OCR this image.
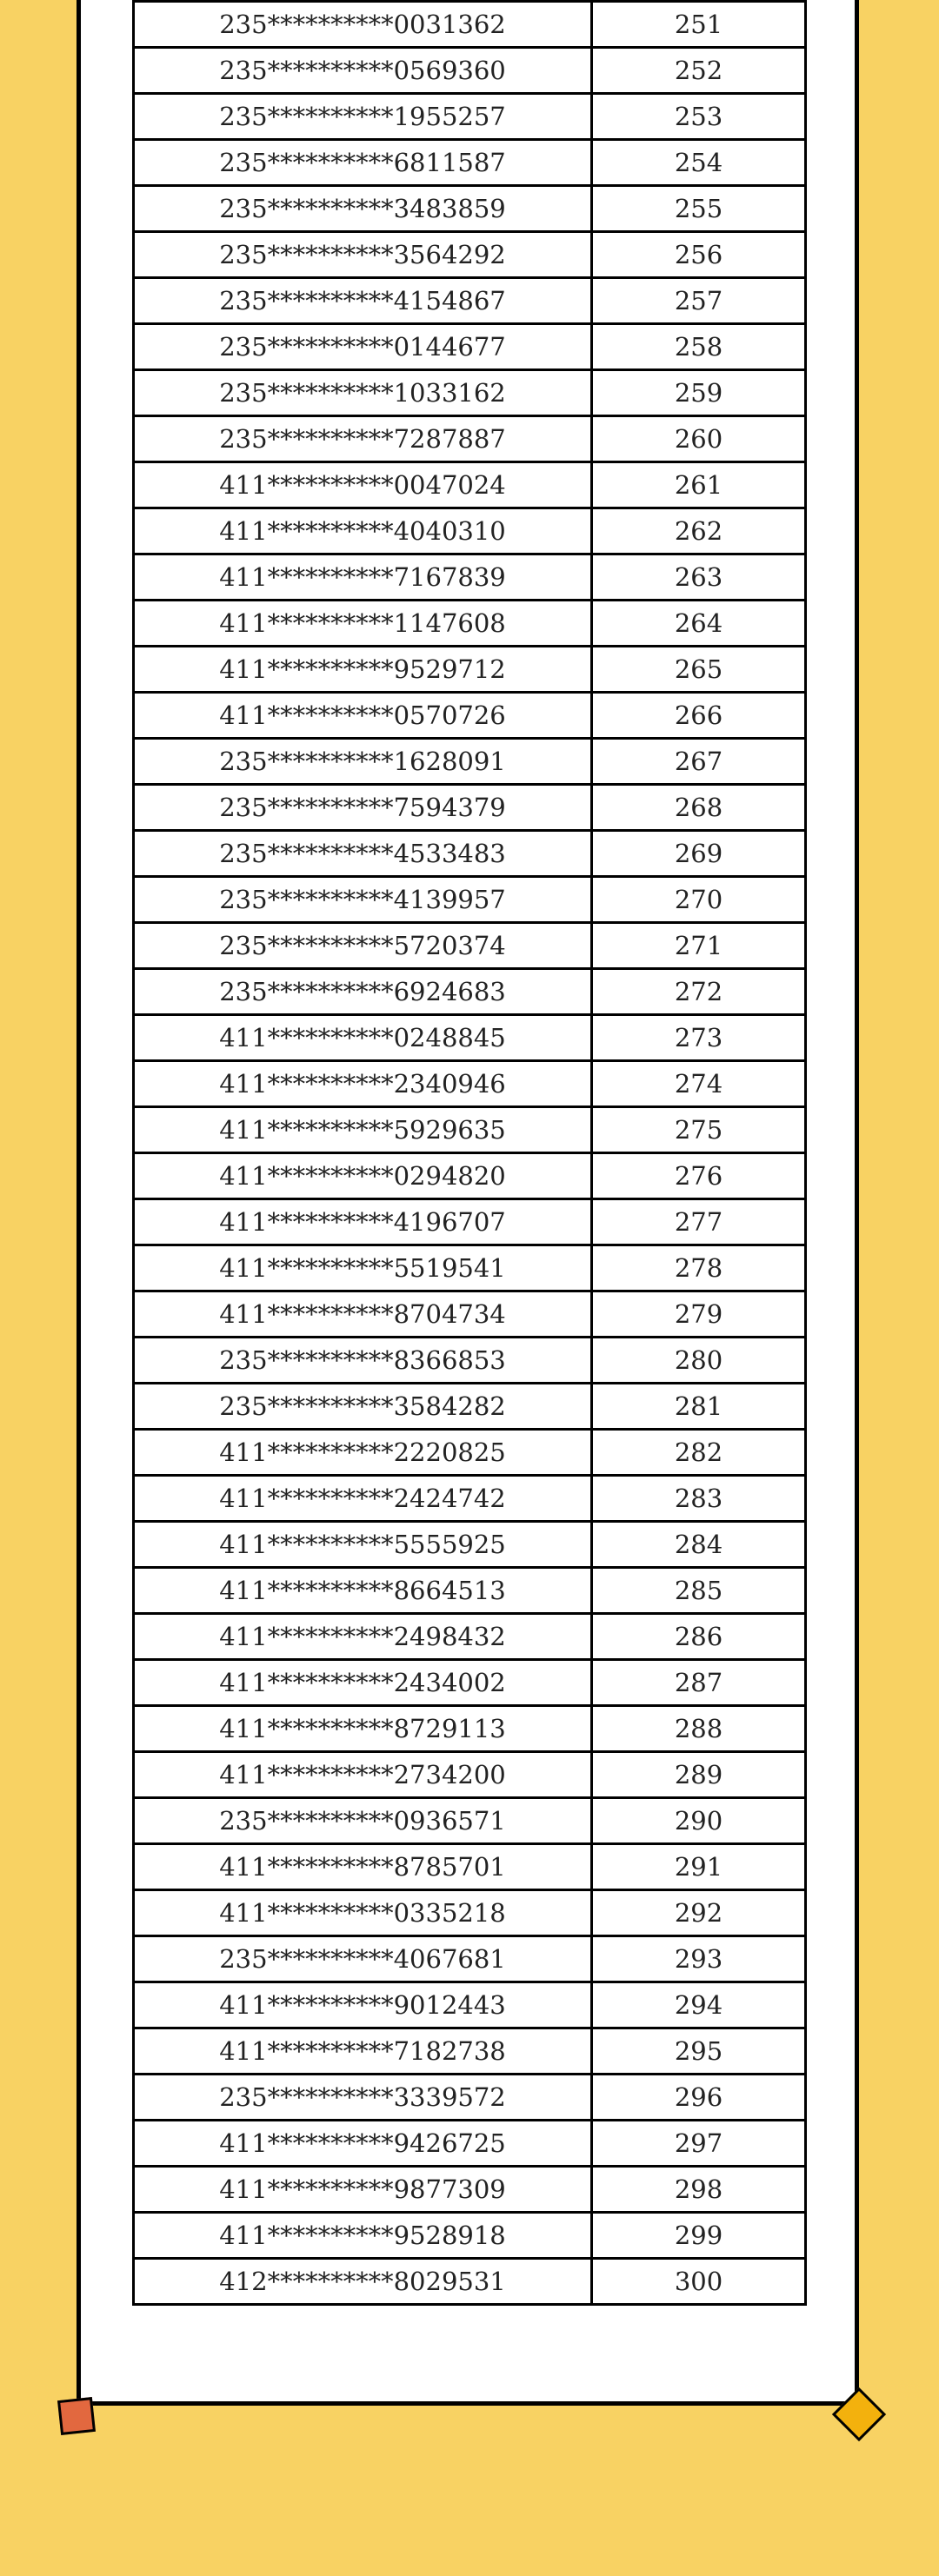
235**********0031362	251
235**********0569360	252
235**********1955257	253
235**********6811587	254
235**********3483859	255
235**********3564292	256
235**********4154867	257
235**********0144677	258
235**********1033162	259
235**********7287887	260
411**********0047024	261
411**********4040310	262
411**********7167839	263
411**********1147608	264
411**********9529712	265
411**********0570726	266
235**********1628091	267
235**********7594379	268
235**********4533483	269
235**********4139957	270
235**********5720374	271
235**********6924683	272
411**********0248845	273
411**********2340946	274
411**********5929635	275
411**********0294820	276
411**********4196707	277
411**********5519541	278
411**********8704734	279
235**********8366853	280
235**********3584282	281
411**********2220825	282
411**********2424742	283
411**********5555925	284
411**********8664513	285
411**********2498432	286
411**********2434002	287
411**********8729113	288
411**********2734200	289
235**********0936571	290
411**********8785701	291
411**********0335218	292
235**********4067681	293
411**********9012443	294
411**********7182738	295
235**********3339572	296
411**********9426725	297
411**********9877309	298
411**********9528918	299
412**********8029531	300
